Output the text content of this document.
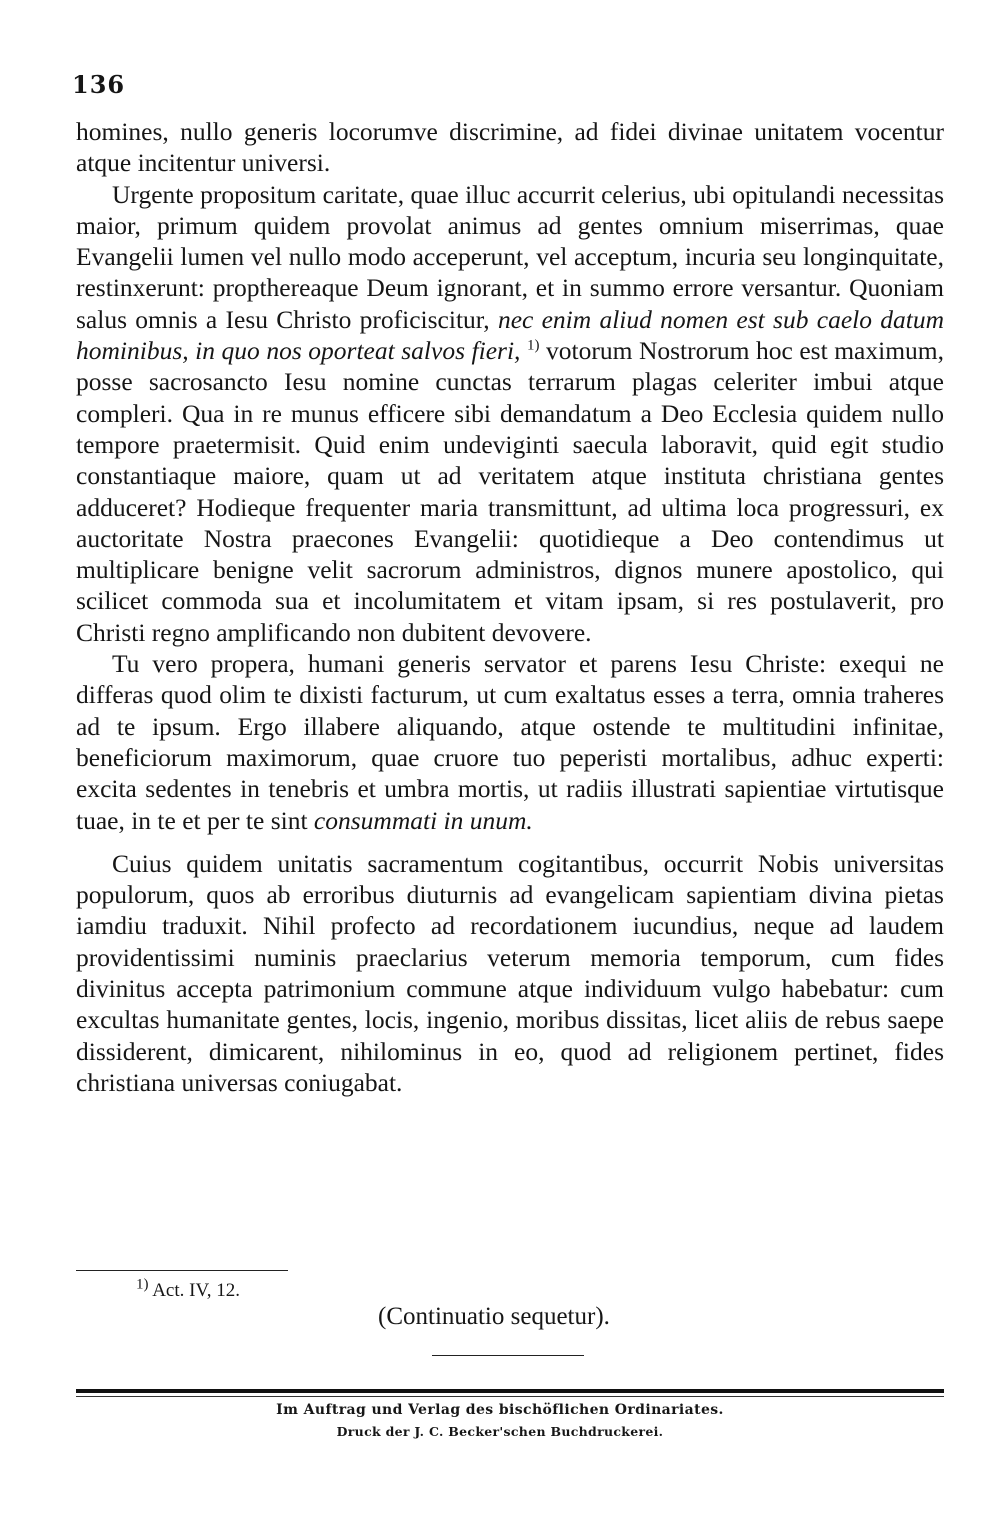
136

homines, nullo generis locorumve discrimine, ad fidei divinae unitatem vocentur atque incitentur universi.

Urgente propositum caritate, quae illuc accurrit celerius, ubi opitulandi necessitas maior, primum quidem provolat animus ad gentes omnium miserrimas, quae Evangelii lumen vel nullo modo acceperunt, vel acceptum, incuria seu longinquitate, restinxerunt: propthereaque Deum ignorant, et in summo errore versantur. Quoniam salus omnis a Iesu Christo proficiscitur, nec enim aliud nomen est sub caelo datum hominibus, in quo nos oporteat salvos fieri, $^{1)}$ votorum Nostrorum hoc est maximum, posse sacrosancto Iesu nomine cunctas terrarum plagas celeriter imbui atque compleri. Qua in re munus efficere sibi demandatum a Deo Ecclesia quidem nullo tempore praetermisit. Quid enim undeviginti saecula laboravit, quid egit studio constantiaque maiore, quam ut ad veritatem atque instituta christiana gentes adduceret? Hodieque frequenter maria transmittunt, ad ultima loca progressuri, ex auctoritate Nostra praecones Evangelii: quotidieque a Deo contendimus ut multiplicare benigne velit sacrorum administros, dignos munere apostolico, qui scilicet commoda sua et incolumitatem et vitam ipsam, si res postulaverit, pro Christi regno amplificando non dubitent devovere.

Tu vero propera, humani generis servator et parens Iesu Christe: exequi ne differas quod olim te dixisti facturum, ut cum exaltatus esses a terra, omnia traheres ad te ipsum. Ergo illabere aliquando, atque ostende te multitudini infinitae, beneficiorum maximorum, quae cruore tuo peperisti mortalibus, adhuc experti: excita sedentes in tenebris et umbra mortis, ut radiis illustrati sapientiae virtutisque tuae, in te et per te sint consummati in unum.

Cuius quidem unitatis sacramentum cogitantibus, occurrit Nobis universitas populorum, quos ab erroribus diuturnis ad evangelicam sapientiam divina pietas iamdiu traduxit. Nihil profecto ad recordationem iucundius, neque ad laudem providentissimi numinis praeclarius veterum memoria temporum, cum fides divinitus accepta patrimonium commune atque individuum vulgo habebatur: cum excultas humanitate gentes, locis, ingenio, moribus dissitas, licet aliis de rebus saepe dissiderent, dimicarent, nihilominus in eo, quod ad religionem pertinet, fides christiana universas coniugabat.

$^{1)}$ Act. IV, 12.
(Continuatio sequetur).
Im Auftrag und Verlag des bischöflichen Ordinariates.
Druck der J. C. Becker'schen Buchdruckerei.
